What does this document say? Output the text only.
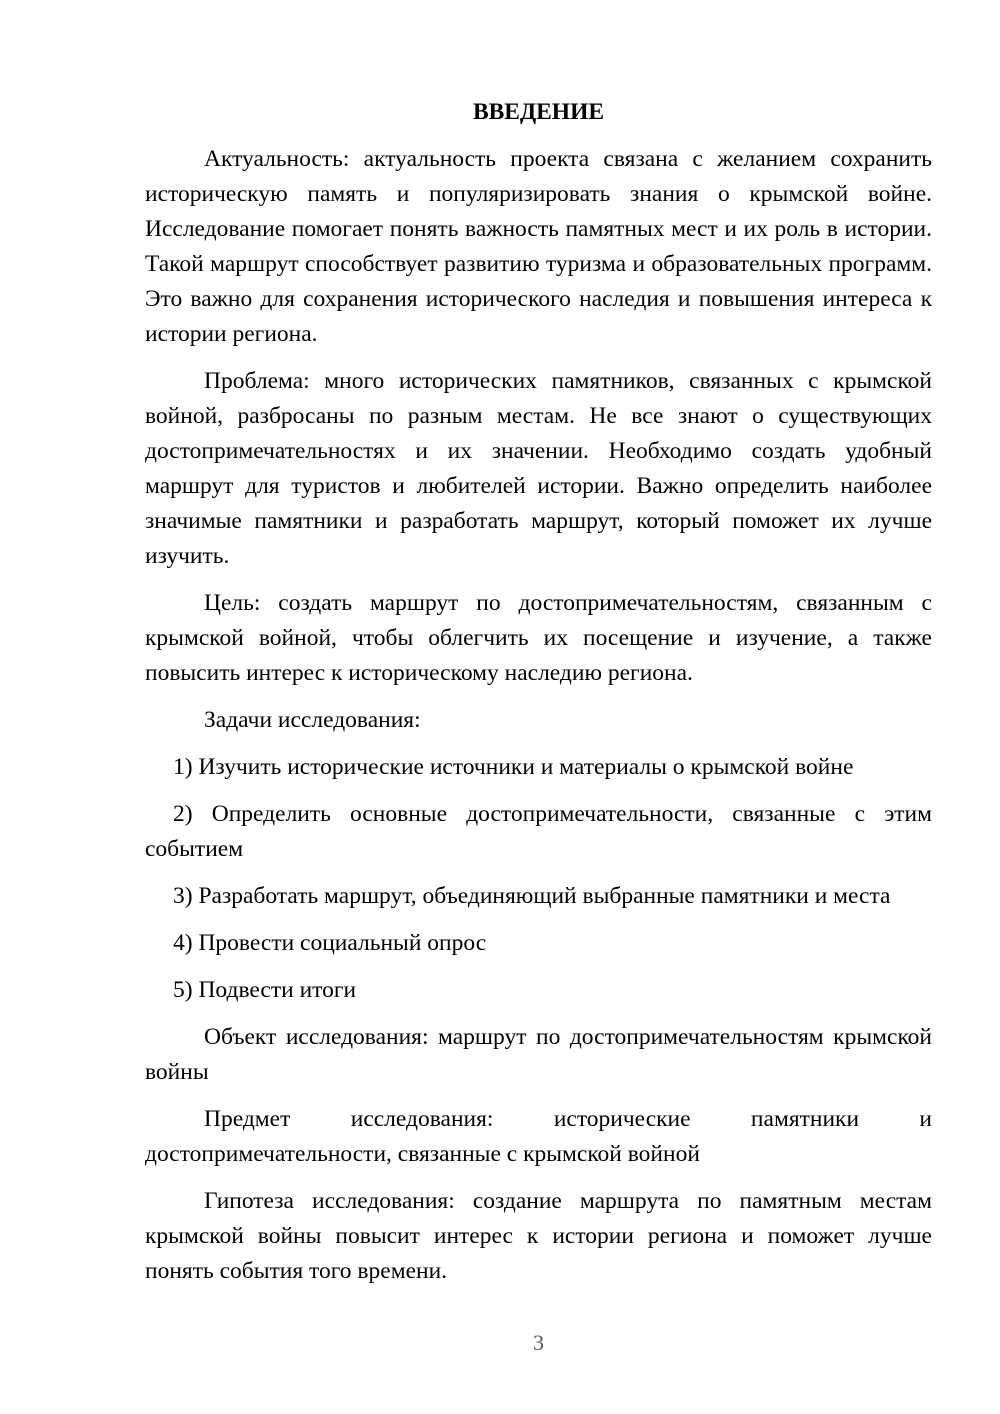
ВВЕДЕНИЕ

Актуальность: актуальность проекта связана с желанием сохранить историческую память и популяризировать знания о крымской войне. Исследование помогает понять важность памятных мест и их роль в истории. Такой маршрут способствует развитию туризма и образовательных программ. Это важно для сохранения исторического наследия и повышения интереса к истории региона.

Проблема: много исторических памятников, связанных с крымской войной, разбросаны по разным местам. Не все знают о существующих достопримечательностях и их значении. Необходимо создать удобный маршрут для туристов и любителей истории. Важно определить наиболее значимые памятники и разработать маршрут, который поможет их лучше изучить.

Цель: создать маршрут по достопримечательностям, связанным с крымской войной, чтобы облегчить их посещение и изучение, а также повысить интерес к историческому наследию региона.

Задачи исследования:

1) Изучить исторические источники и материалы о крымской войне

2) Определить основные достопримечательности, связанные с этим событием

3) Разработать маршрут, объединяющий выбранные памятники и места

4) Провести социальный опрос

5) Подвести итоги

Объект исследования: маршрут по достопримечательностям крымской войны

Предмет исследования: исторические памятники и достопримечательности, связанные с крымской войной

Гипотеза исследования: создание маршрута по памятным местам крымской войны повысит интерес к истории региона и поможет лучше понять события того времени.

3
